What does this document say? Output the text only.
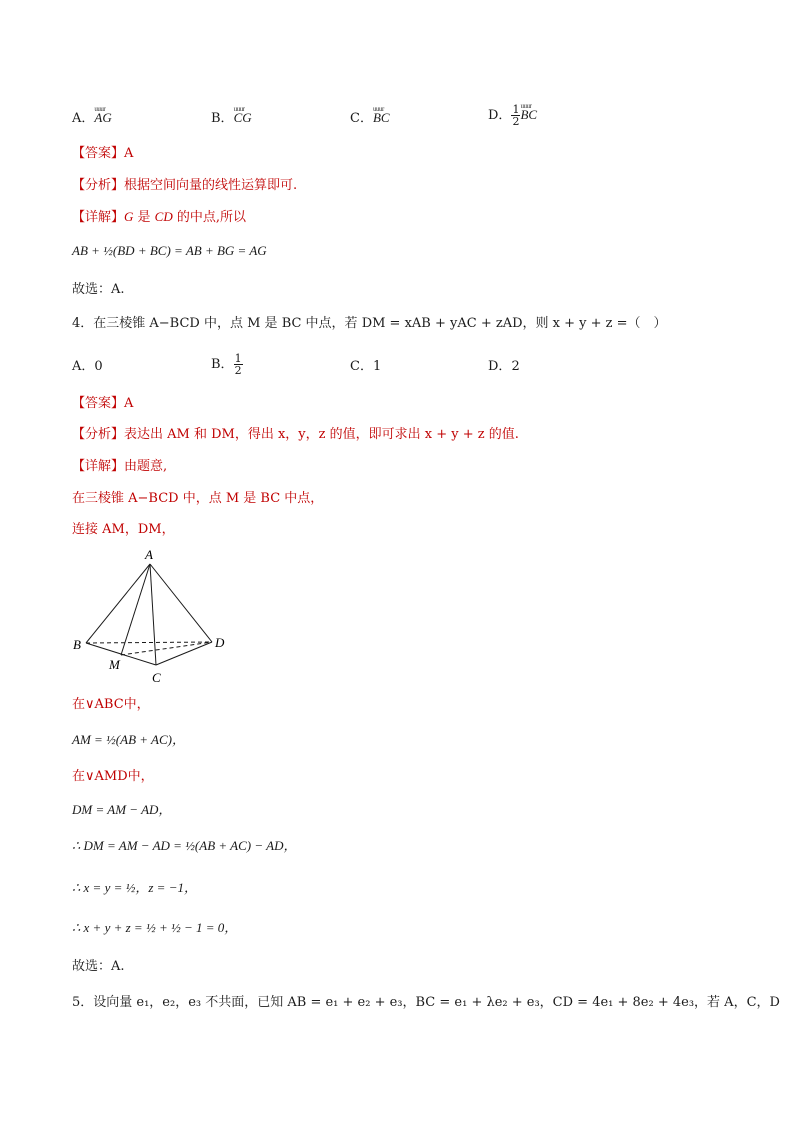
A．uuur AG	B．uuur CG	C．uuur BC	D． $\frac{1}{2}$
uuur BC
【答案】A
【分析】根据空间向量的线性运算即可.
【详解】G 是 CD 的中点,所以
AB + ½(BD + BC) = AB + BG = AG
故选：A.
4．在三棱锥 A−BCD 中，点 M 是 BC 中点，若 DM = xAB + yAC + zAD，则 x + y + z =（　）
A．0	B． $\frac{1}{2}$	C．1	D．2
【答案】A
【分析】表达出 AM 和 DM，得出 x，y，z 的值，即可求出 x + y + z 的值.
【详解】由题意,
在三棱锥 A−BCD 中，点 M 是 BC 中点，
连接 AM，DM，
A
B
C
D
M
在∨ABC中，
AM = ½(AB + AC)，
在∨AMD中，
DM = AM − AD，
∴ DM = AM − AD = ½(AB + AC) − AD，
∴ x = y = ½，z = −1，
∴ x + y + z = ½ + ½ − 1 = 0，
故选：A.
5．设向量 e₁，e₂，e₃ 不共面，已知 AB = e₁ + e₂ + e₃，BC = e₁ + λe₂ + e₃，CD = 4e₁ + 8e₂ + 4e₃，若 A，C，D
